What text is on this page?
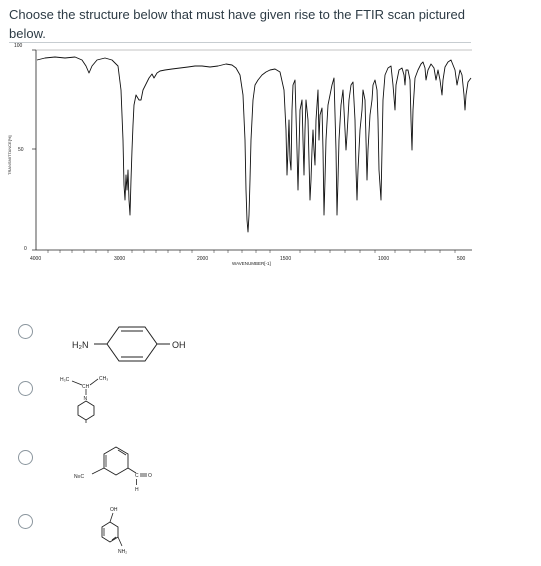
Choose the structure below that must have given rise to the FTIR scan pictured below.
100
50
0
TRANSMITTANCE[%]
4000	3000	2000	1500	1000	500
WAVENUMBER[-1]
H₂N	OH
H₃C	CH₃
CH
N
N≡C	C O
H
OH
NH₂
